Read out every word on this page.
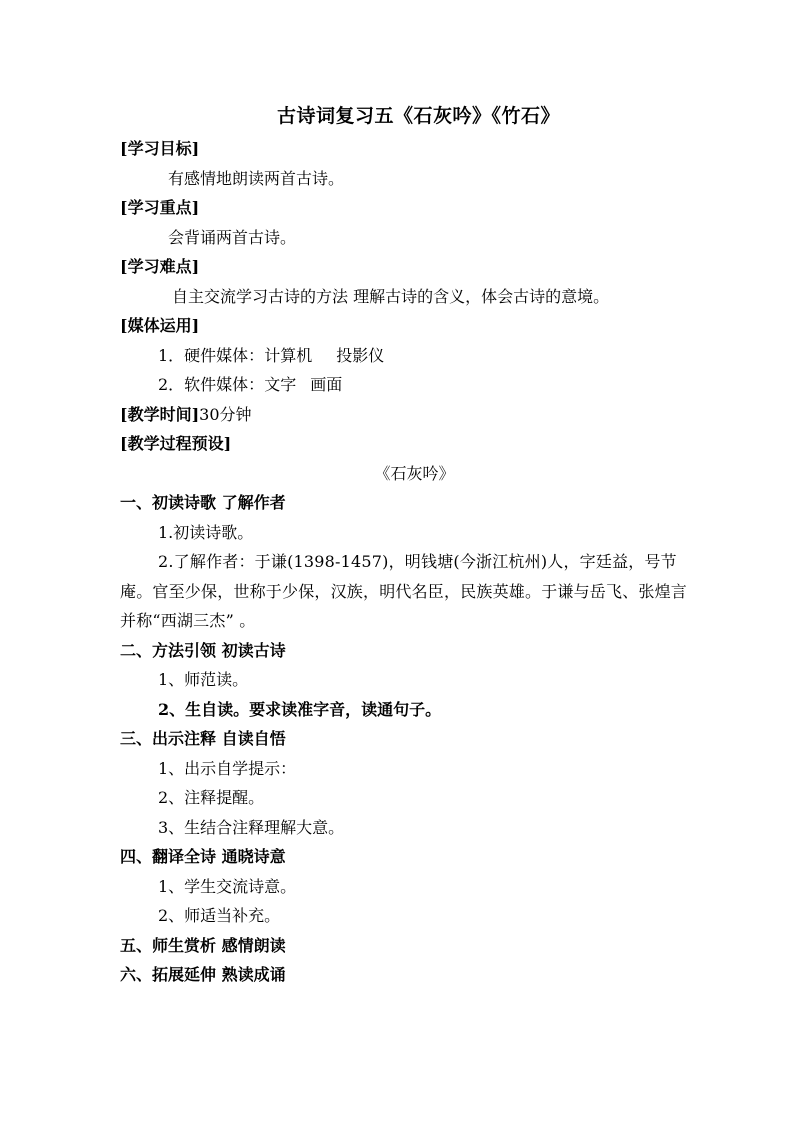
古诗词复习五《石灰吟》《竹石》
[学习目标]
有感情地朗读两首古诗。
[学习重点]
会背诵两首古诗。
[学习难点]
自主交流学习古诗的方法 理解古诗的含义，体会古诗的意境。
[媒体运用]
1．硬件媒体：计算机 投影仪
2．软件媒体：文字 画面
[教学时间]30分钟
[教学过程预设]
《石灰吟》
一、初读诗歌 了解作者
1.初读诗歌。
2.了解作者：于谦(1398-1457)，明钱塘(今浙江杭州)人，字廷益，号节庵。官至少保，世称于少保，汉族，明代名臣，民族英雄。于谦与岳飞、张煌言并称“西湖三杰” 。
二、方法引领 初读古诗
1、师范读。
2、生自读。要求读准字音，读通句子。
三、出示注释 自读自悟
1、出示自学提示：
2、注释提醒。
3、生结合注释理解大意。
四、翻译全诗 通晓诗意
1、学生交流诗意。
2、师适当补充。
五、师生赏析 感情朗读
六、拓展延伸 熟读成诵
